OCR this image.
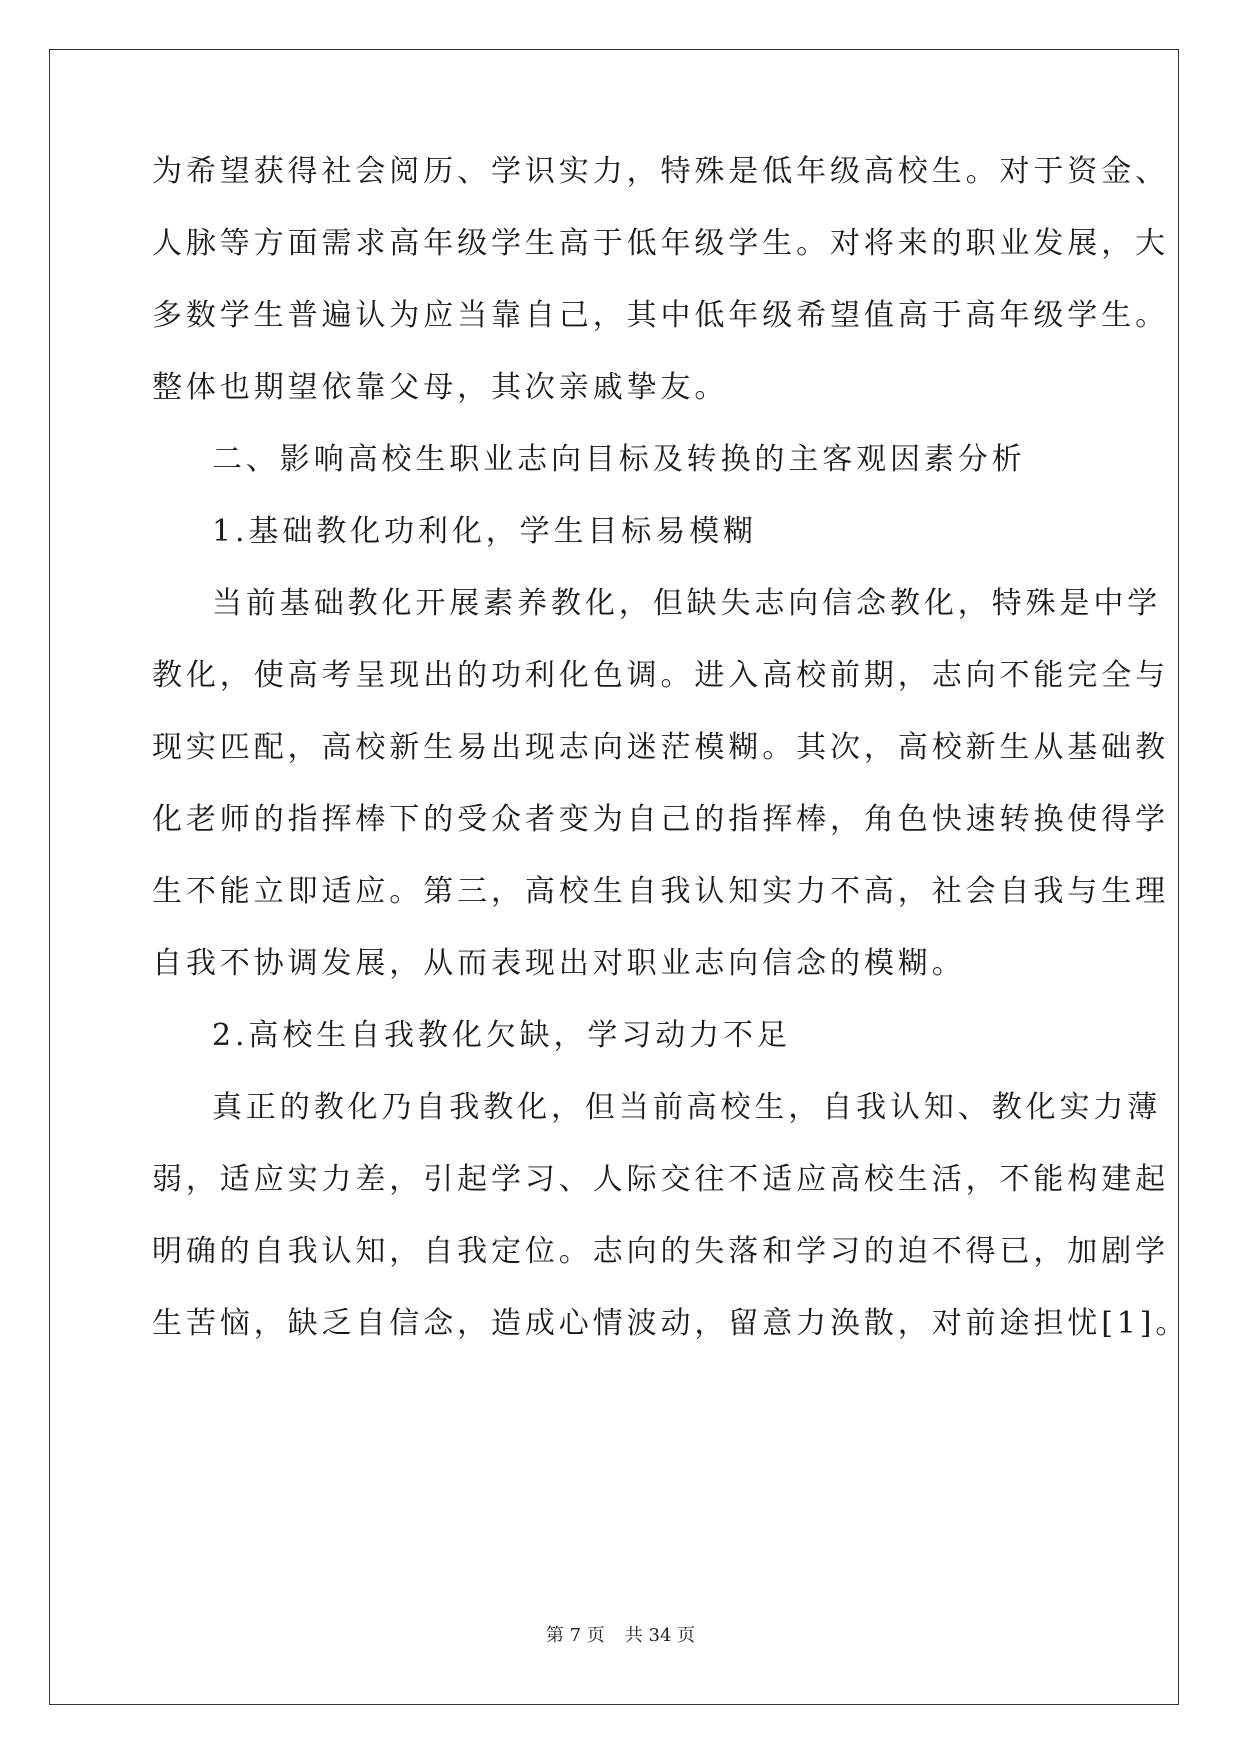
为希望获得社会阅历、学识实力，特殊是低年级高校生。对于资金、
人脉等方面需求高年级学生高于低年级学生。对将来的职业发展，大
多数学生普遍认为应当靠自己，其中低年级希望值高于高年级学生。
整体也期望依靠父母，其次亲戚挚友。
二、影响高校生职业志向目标及转换的主客观因素分析
1.基础教化功利化，学生目标易模糊
当前基础教化开展素养教化，但缺失志向信念教化，特殊是中学
教化，使高考呈现出的功利化色调。进入高校前期，志向不能完全与
现实匹配，高校新生易出现志向迷茫模糊。其次，高校新生从基础教
化老师的指挥棒下的受众者变为自己的指挥棒，角色快速转换使得学
生不能立即适应。第三，高校生自我认知实力不高，社会自我与生理
自我不协调发展，从而表现出对职业志向信念的模糊。
2.高校生自我教化欠缺，学习动力不足
真正的教化乃自我教化，但当前高校生，自我认知、教化实力薄
弱，适应实力差，引起学习、人际交往不适应高校生活，不能构建起
明确的自我认知，自我定位。志向的失落和学习的迫不得已，加剧学
生苦恼，缺乏自信念，造成心情波动，留意力涣散，对前途担忧[1]。
第 7 页 共 34 页
